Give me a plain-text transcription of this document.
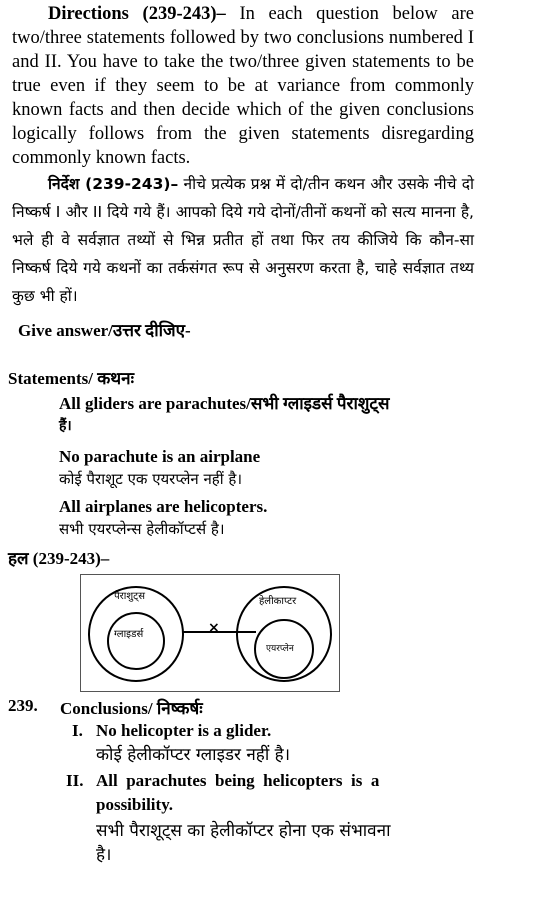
Directions (239-243)– In each question below are two/three statements followed by two conclusions numbered I and II. You have to take the two/three given statements to be true even if they seem to be at variance from commonly known facts and then decide which of the given conclusions logically follows from the given statements disregarding commonly known facts.
निर्देश (239-243)– नीचे प्रत्येक प्रश्न में दो/तीन कथन और उसके नीचे दो निष्कर्ष I और II दिये गये हैं। आपको दिये गये दोनों/तीनों कथनों को सत्य मानना है, भले ही वे सर्वज्ञात तथ्यों से भिन्न प्रतीत हों तथा फिर तय कीजिये कि कौन-सा निष्कर्ष दिये गये कथनों का तर्कसंगत रूप से अनुसरण करता है, चाहे सर्वज्ञात तथ्य कुछ भी हों।
Give answer/उत्तर दीजिए-
Statements/ कथनः
All gliders are parachutes/सभी ग्लाइडर्स पैराशुट्स
हैं।
No parachute is an airplane
कोई पैराशूट एक एयरप्लेन नहीं है।
All airplanes are helicopters.
सभी एयरप्लेन्स हेलीकॉप्टर्स है।
हल (239-243)–
पैराशुट्स
ग्लाइडर्स
हेलीकाप्टर
एयरप्लेन
×
239. Conclusions/ निष्कर्षः
I. No helicopter is a glider.
कोई हेलीकॉप्टर ग्लाइडर नहीं है।
II. All  parachutes  being  helicopters  is  a
possibility.
सभी पैराशूट्स का हेलीकॉप्टर होना एक संभावना
है।
